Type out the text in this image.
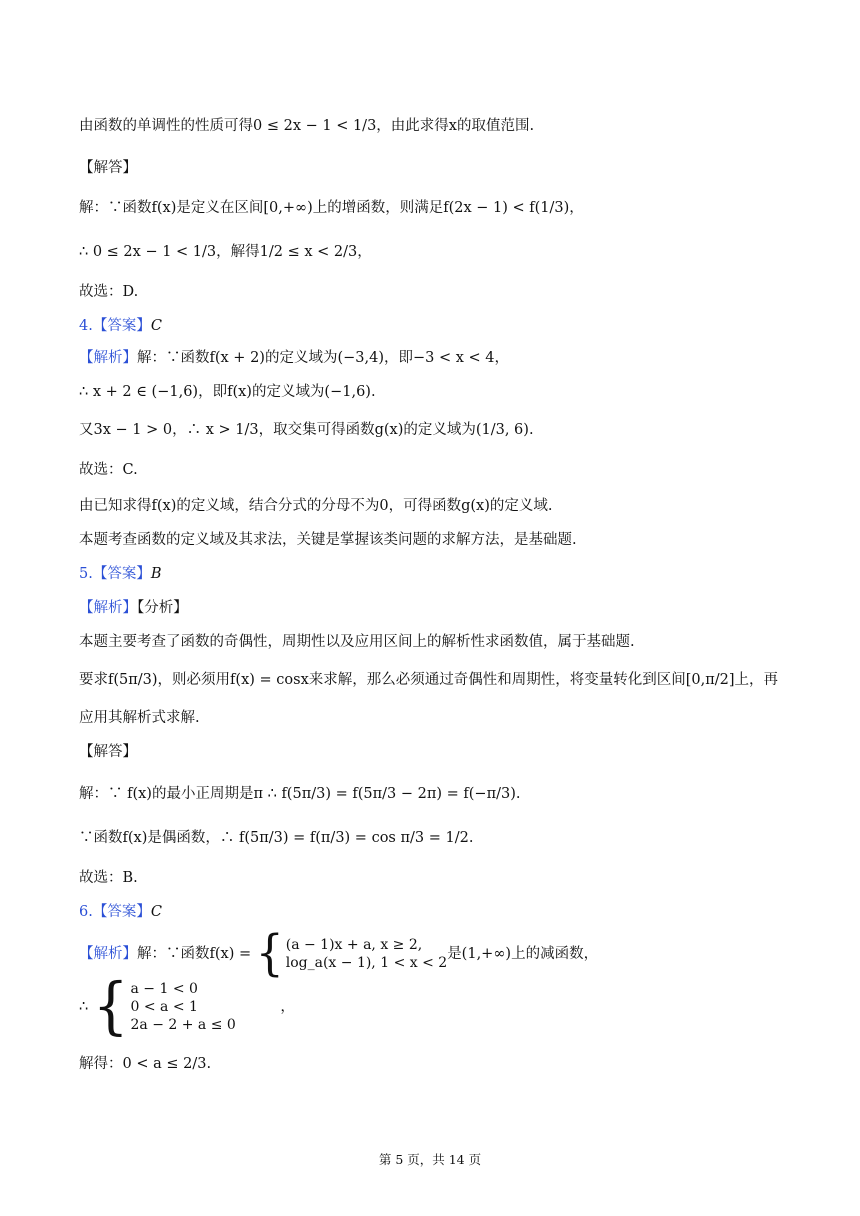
由函数的单调性的性质可得0 ≤ 2x − 1 < 1/3，由此求得x的取值范围.
【解答】
解：∵函数f(x)是定义在区间[0,+∞)上的增函数，则满足f(2x − 1) < f(1/3)，
∴ 0 ≤ 2x − 1 < 1/3，解得1/2 ≤ x < 2/3，
故选：D.
4.【答案】C
【解析】解：∵函数f(x + 2)的定义域为(−3,4)，即−3 < x < 4，
∴ x + 2 ∈ (−1,6)，即f(x)的定义域为(−1,6).
又3x − 1 > 0，∴ x > 1/3，取交集可得函数g(x)的定义域为(1/3, 6).
故选：C.
由已知求得f(x)的定义域，结合分式的分母不为0，可得函数g(x)的定义域.
本题考查函数的定义域及其求法，关键是掌握该类问题的求解方法，是基础题.
5.【答案】B
【解析】【分析】
本题主要考查了函数的奇偶性，周期性以及应用区间上的解析性求函数值，属于基础题.
要求f(5π/3)，则必须用f(x) = cosx来求解，那么必须通过奇偶性和周期性，将变量转化到区间[0,π/2]上，再
应用其解析式求解.
【解答】
解：∵ f(x)的最小正周期是π ∴ f(5π/3) = f(5π/3 − 2π) = f(−π/3).
∵函数f(x)是偶函数，∴ f(5π/3) = f(π/3) = cos π/3 = 1/2.
故选：B.
6.【答案】C
【解析】解：∵函数f(x) = { (a − 1)x + a, x ≥ 2,
log_a(x − 1), 1 < x < 2
是(1,+∞)上的减函数，
∴ { a − 1 < 0
0 < a < 1
2a − 2 + a ≤ 0
，
解得：0 < a ≤ 2/3.
第 5 页，共 14 页
